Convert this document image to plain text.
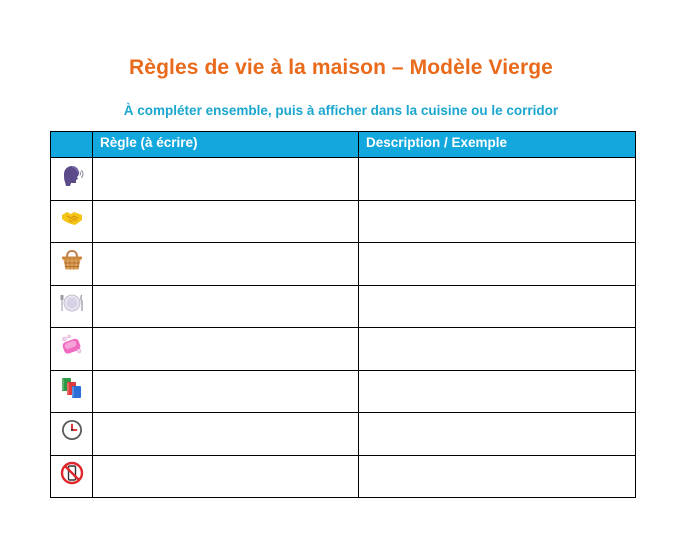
Règles de vie à la maison – Modèle Vierge
À compléter ensemble, puis à afficher dans la cuisine ou le corridor
	Règle (à écrire)	Description / Exemple
